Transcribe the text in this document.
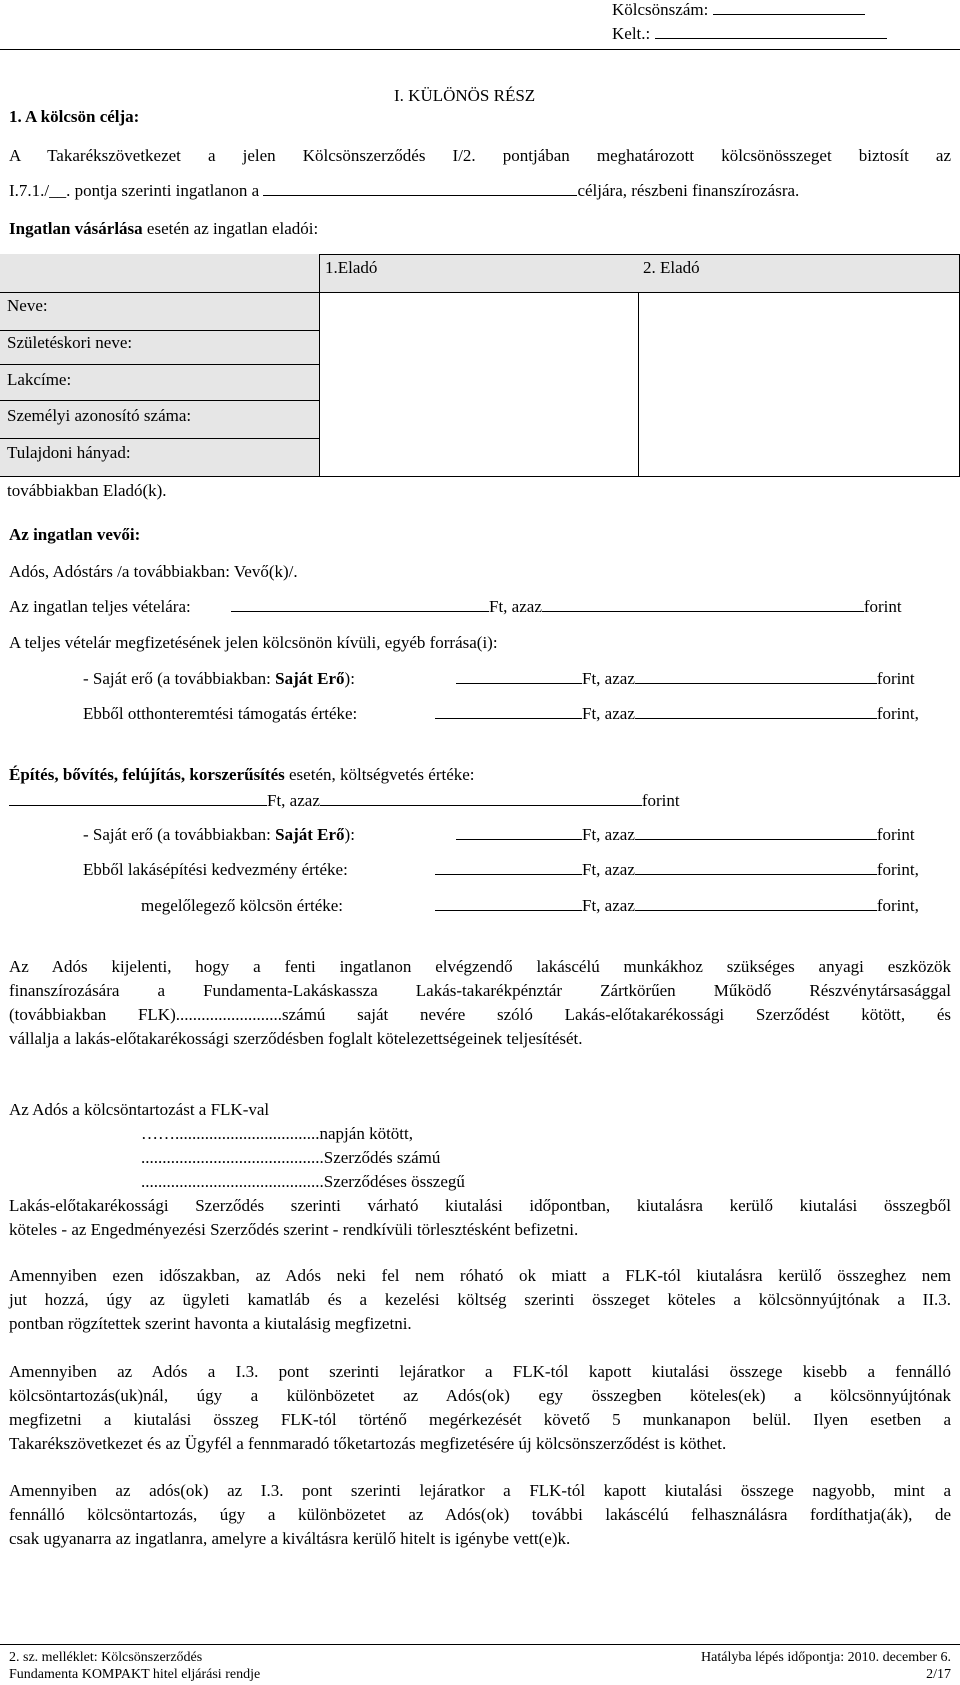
Kölcsönszám:
Kelt.:
I. KÜLÖNÖS RÉSZ
1. A kölcsön célja:
A Takarékszövetkezet a jelen Kölcsönszerződés I/2. pontjában meghatározott kölcsönösszeget biztosít az
I.7.1./__. pontja szerinti ingatlanon a	céljára, részbeni finanszírozásra.
Ingatlan vásárlása esetén az ingatlan eladói:
1.Eladó	2. Eladó
Neve:
Születéskori neve:
Lakcíme:
Személyi azonosító száma:
Tulajdoni hányad:
továbbiakban Eladó(k).
Az ingatlan vevői:
Adós, Adóstárs /a továbbiakban: Vevő(k)/.
Az ingatlan teljes vételára:	Ft, azaz	forint
A teljes vételár megfizetésének jelen kölcsönön kívüli, egyéb forrása(i):
- Saját erő (a továbbiakban: Saját Erő):	Ft, azaz	forint
Ebből otthonteremtési támogatás értéke:	Ft, azaz	forint,
Építés, bővítés, felújítás, korszerűsítés esetén, költségvetés értéke:
Ft, azaz	forint
- Saját erő (a továbbiakban: Saját Erő):	Ft, azaz	forint
Ebből lakásépítési kedvezmény értéke:	Ft, azaz	forint,
megelőlegező kölcsön értéke:	Ft, azaz	forint,
Az Adós kijelenti, hogy a fenti ingatlanon elvégzendő lakáscélú munkákhoz szükséges anyagi eszközök
finanszírozására a Fundamenta-Lakáskassza Lakás-takarékpénztár Zártkörűen Működő Részvénytársasággal
(továbbiakban FLK).........................számú saját nevére szóló Lakás-előtakarékossági Szerződést kötött, és
vállalja a lakás-előtakarékossági szerződésben foglalt kötelezettségeinek teljesítését.
Az Adós a kölcsöntartozást a FLK-val
……..................................napján kötött,
...........................................Szerződés számú
...........................................Szerződéses összegű
Lakás-előtakarékossági Szerződés szerinti várható kiutalási időpontban, kiutalásra kerülő kiutalási összegből
köteles - az Engedményezési Szerződés szerint - rendkívüli törlesztésként befizetni.
Amennyiben ezen időszakban, az Adós neki fel nem róható ok miatt a FLK-tól kiutalásra kerülő összeghez nem
jut hozzá, úgy az ügyleti kamatláb és a kezelési költség szerinti összeget köteles a kölcsönnyújtónak a II.3.
pontban rögzítettek szerint havonta a kiutalásig megfizetni.
Amennyiben az Adós a I.3. pont szerinti lejáratkor a FLK-tól kapott kiutalási összege kisebb a fennálló
kölcsöntartozás(uk)nál, úgy a különbözetet az Adós(ok) egy összegben köteles(ek) a kölcsönnyújtónak
megfizetni a kiutalási összeg FLK-tól történő megérkezését követő 5 munkanapon belül. Ilyen esetben a
Takarékszövetkezet és az Ügyfél a fennmaradó tőketartozás megfizetésére új kölcsönszerződést is köthet.
Amennyiben az adós(ok) az I.3. pont szerinti lejáratkor a FLK-tól kapott kiutalási összege nagyobb, mint a
fennálló kölcsöntartozás, úgy a különbözetet az Adós(ok) további lakáscélú felhasználásra fordíthatja(ák), de
csak ugyanarra az ingatlanra, amelyre a kiváltásra kerülő hitelt is igénybe vett(e)k.
2. sz. melléklet: Kölcsönszerződés
Fundamenta KOMPAKT hitel eljárási rendje
Hatályba lépés időpontja: 2010. december 6.
2/17
